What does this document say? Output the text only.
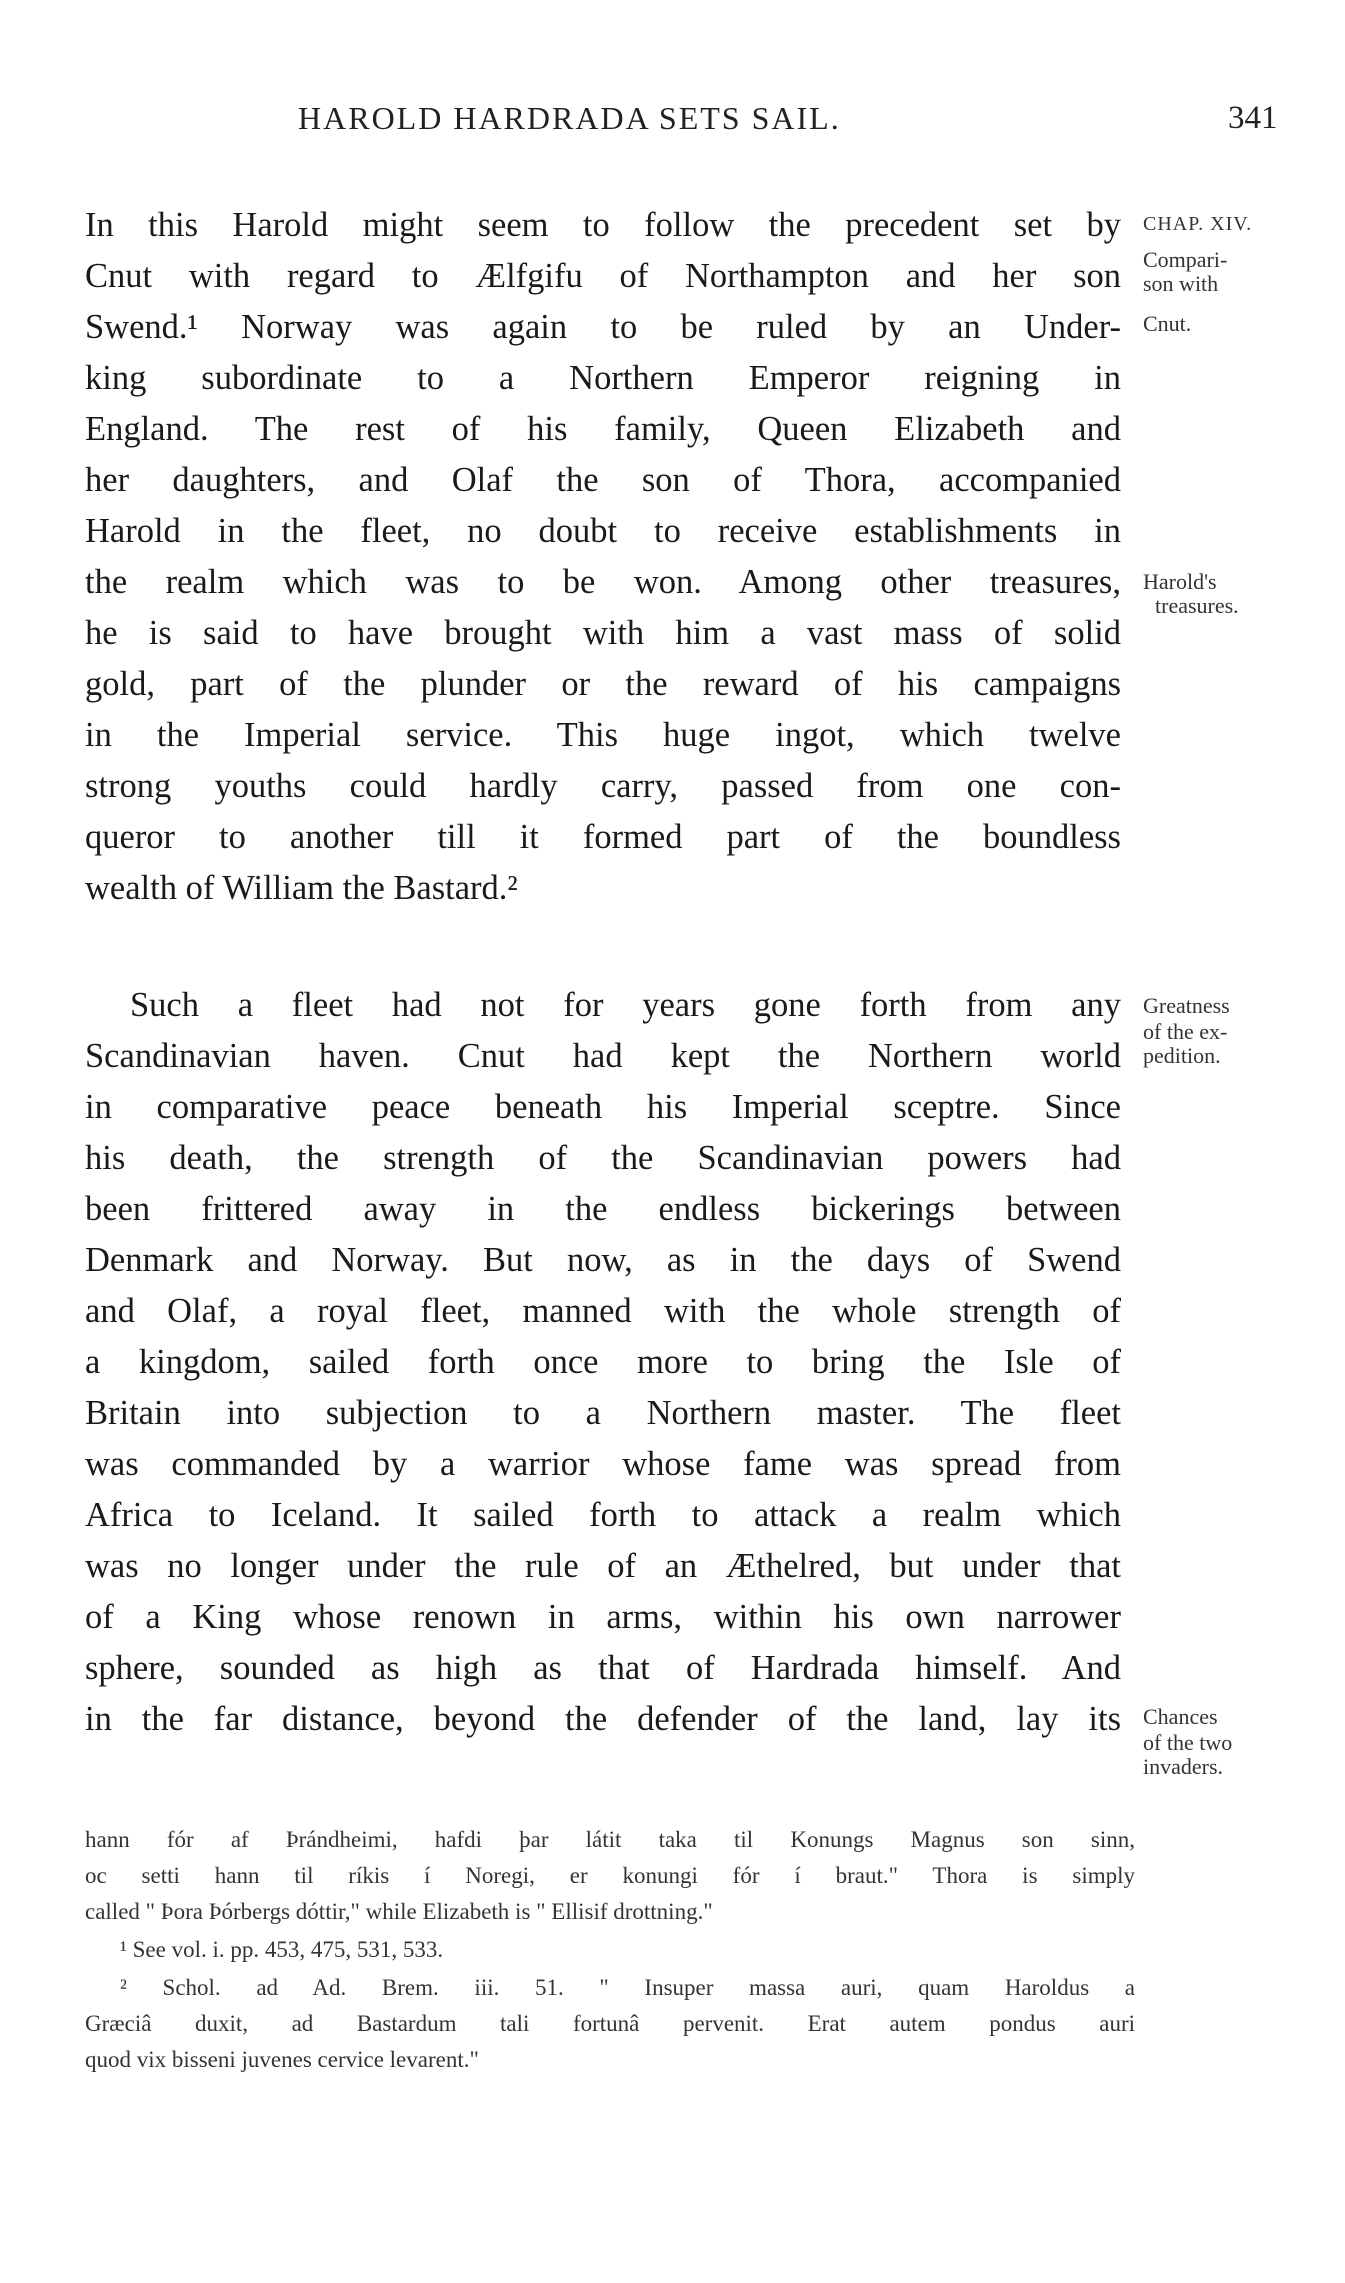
HAROLD HARDRADA SETS SAIL.	341
In this Harold might seem to follow the precedent set by
Cnut with regard to Ælfgifu of Northampton and her son
Swend.¹ Norway was again to be ruled by an Under-
king subordinate to a Northern Emperor reigning in
England. The rest of his family, Queen Elizabeth and
her daughters, and Olaf the son of Thora, accompanied
Harold in the fleet, no doubt to receive establishments in
the realm which was to be won. Among other treasures,
he is said to have brought with him a vast mass of solid
gold, part of the plunder or the reward of his campaigns
in the Imperial service. This huge ingot, which twelve
strong youths could hardly carry, passed from one con-
queror to another till it formed part of the boundless
wealth of William the Bastard.²
Such a fleet had not for years gone forth from any
Scandinavian haven. Cnut had kept the Northern world
in comparative peace beneath his Imperial sceptre. Since
his death, the strength of the Scandinavian powers had
been frittered away in the endless bickerings between
Denmark and Norway. But now, as in the days of Swend
and Olaf, a royal fleet, manned with the whole strength of
a kingdom, sailed forth once more to bring the Isle of
Britain into subjection to a Northern master. The fleet
was commanded by a warrior whose fame was spread from
Africa to Iceland. It sailed forth to attack a realm which
was no longer under the rule of an Æthelred, but under that
of a King whose renown in arms, within his own narrower
sphere, sounded as high as that of Hardrada himself. And
in the far distance, beyond the defender of the land, lay its
CHAP. XIV.
Compari-
son with
Cnut.
Harold's
treasures.
Greatness
of the ex-
pedition.
Chances
of the two
invaders.
hann fór af Þrándheimi, hafdi þar látit taka til Konungs Magnus son sinn,
oc setti hann til ríkis í Noregi, er konungi fór í braut." Thora is simply
called " Þora Þórbergs dóttir," while Elizabeth is " Ellisif drottning."
¹ See vol. i. pp. 453, 475, 531, 533.
² Schol. ad Ad. Brem. iii. 51. " Insuper massa auri, quam Haroldus a
Græciâ duxit, ad Bastardum tali fortunâ pervenit. Erat autem pondus auri
quod vix bisseni juvenes cervice levarent."
